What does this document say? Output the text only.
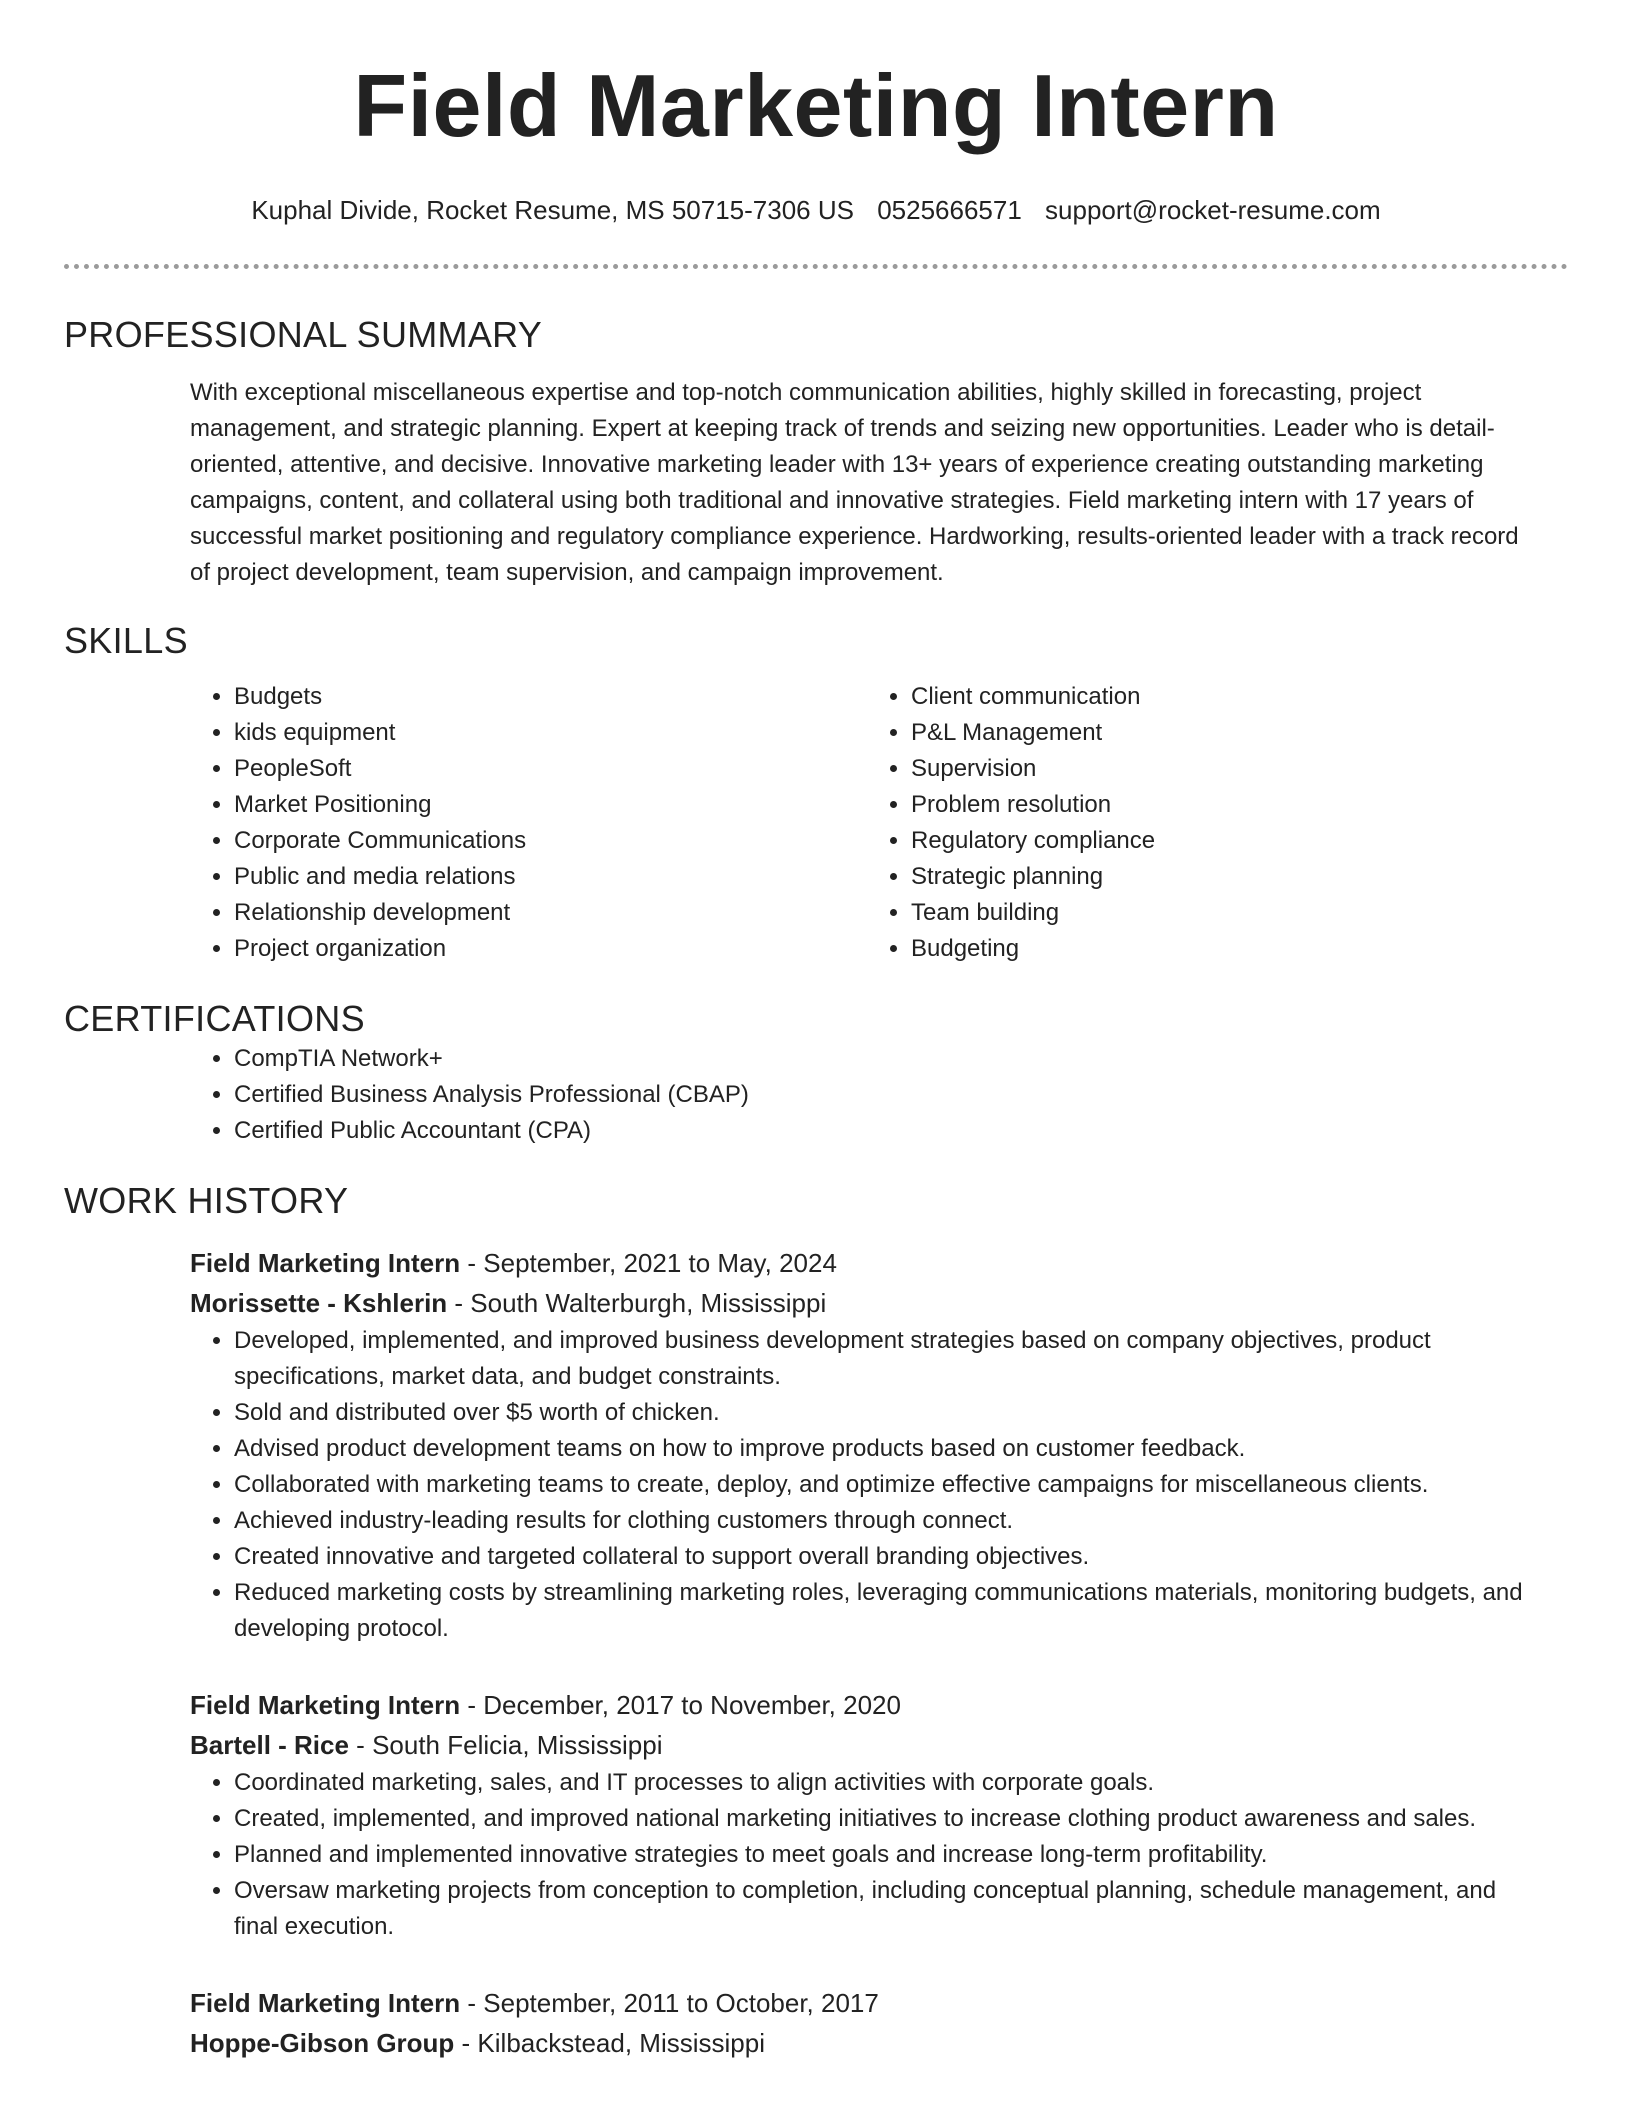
Field Marketing Intern
Kuphal Divide, Rocket Resume, MS 50715-7306 US 0525666571 support@rocket-resume.com
PROFESSIONAL SUMMARY

With exceptional miscellaneous expertise and top-notch communication abilities, highly skilled in forecasting, project management, and strategic planning. Expert at keeping track of trends and seizing new opportunities. Leader who is detail-oriented, attentive, and decisive. Innovative marketing leader with 13+ years of experience creating outstanding marketing campaigns, content, and collateral using both traditional and innovative strategies. Field marketing intern with 17 years of successful market positioning and regulatory compliance experience. Hardworking, results-oriented leader with a track record of project development, team supervision, and campaign improvement.

SKILLS
• Budgets
• kids equipment
• PeopleSoft
• Market Positioning
• Corporate Communications
• Public and media relations
• Relationship development
• Project organization
• Client communication
• P&L Management
• Supervision
• Problem resolution
• Regulatory compliance
• Strategic planning
• Team building
• Budgeting
CERTIFICATIONS
• CompTIA Network+
• Certified Business Analysis Professional (CBAP)
• Certified Public Accountant (CPA)
WORK HISTORY
Field Marketing Intern - September, 2021 to May, 2024
Morissette - Kshlerin - South Walterburgh, Mississippi
• Developed, implemented, and improved business development strategies based on company objectives, product specifications, market data, and budget constraints.
• Sold and distributed over $5 worth of chicken.
• Advised product development teams on how to improve products based on customer feedback.
• Collaborated with marketing teams to create, deploy, and optimize effective campaigns for miscellaneous clients.
• Achieved industry-leading results for clothing customers through connect.
• Created innovative and targeted collateral to support overall branding objectives.
• Reduced marketing costs by streamlining marketing roles, leveraging communications materials, monitoring budgets, and developing protocol.
Field Marketing Intern - December, 2017 to November, 2020
Bartell - Rice - South Felicia, Mississippi
• Coordinated marketing, sales, and IT processes to align activities with corporate goals.
• Created, implemented, and improved national marketing initiatives to increase clothing product awareness and sales.
• Planned and implemented innovative strategies to meet goals and increase long-term profitability.
• Oversaw marketing projects from conception to completion, including conceptual planning, schedule management, and final execution.
Field Marketing Intern - September, 2011 to October, 2017
Hoppe-Gibson Group - Kilbackstead, Mississippi
